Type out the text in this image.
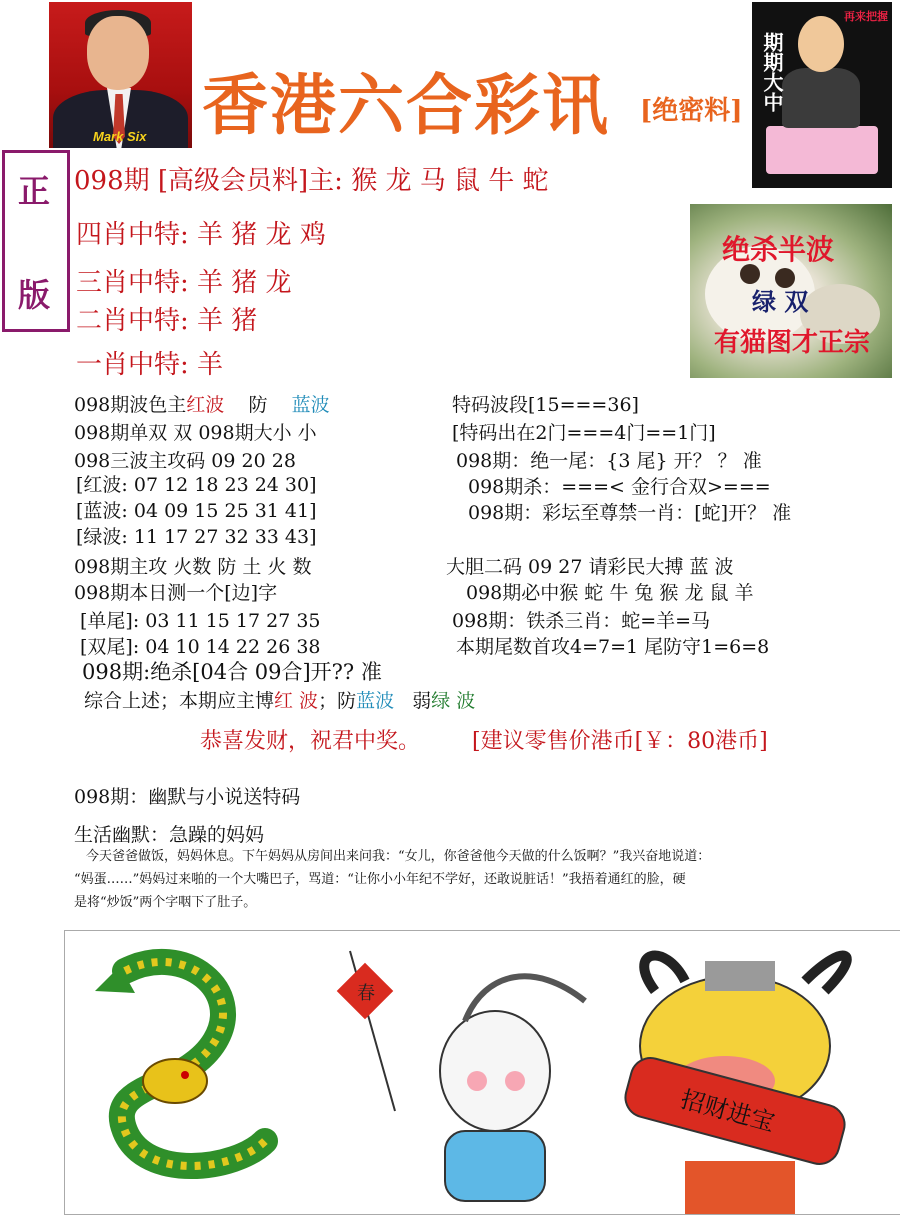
Mark Six 香港六合彩讯 [绝密料] 期期大中
再来把握
正
版
098期 [高级会员料]主: 猴 龙 马 鼠 牛 蛇
四肖中特: 羊 猪 龙 鸡
三肖中特: 羊 猪 龙
二肖中特: 羊 猪
一肖中特: 羊
绝杀半波
绿 双
有猫图才正宗
098期波色主红波 防 蓝波
098期单双 双 098期大小 小
098三波主攻码 09 20 28
[红波: 07 12 18 23 24 30]
[蓝波: 04 09 15 25 31 41]
[绿波: 11 17 27 32 33 43]
098期主攻 火数 防 土 火 数
098期本日测一个[边]字
[单尾]: 03 11 15 17 27 35
[双尾]: 04 10 14 22 26 38
098期:绝杀[04合 09合]开?? 准
综合上述；本期应主博红 波；防蓝波 弱绿 波
特码波段[15===36]
[特码出在2门===4门==1门]
098期：绝一尾：{3 尾} 开？ ？ 准
098期杀：===< 金行合双>===
098期：彩坛至尊禁一肖：[蛇]开？ 准
大胆二码 09 27 请彩民大搏 蓝 波
098期必中猴 蛇 牛 兔 猴 龙 鼠 羊
098期：铁杀三肖：蛇=羊=马
本期尾数首攻4=7=1 尾防守1=6=8
恭喜发财，祝君中奖。 [建议零售价港币[￥：80港币]
098期：幽默与小说送特码
生活幽默：急躁的妈妈
今天爸爸做饭，妈妈休息。下午妈妈从房间出来问我：“女儿，你爸爸他今天做的什么饭啊？”我兴奋地说道：
“妈蛋……”妈妈过来啪的一个大嘴巴子，骂道：“让你小小年纪不学好，还敢说脏话！”我捂着通红的脸，硬
是将“炒饭”两个字咽下了肚子。
春
招财进宝
